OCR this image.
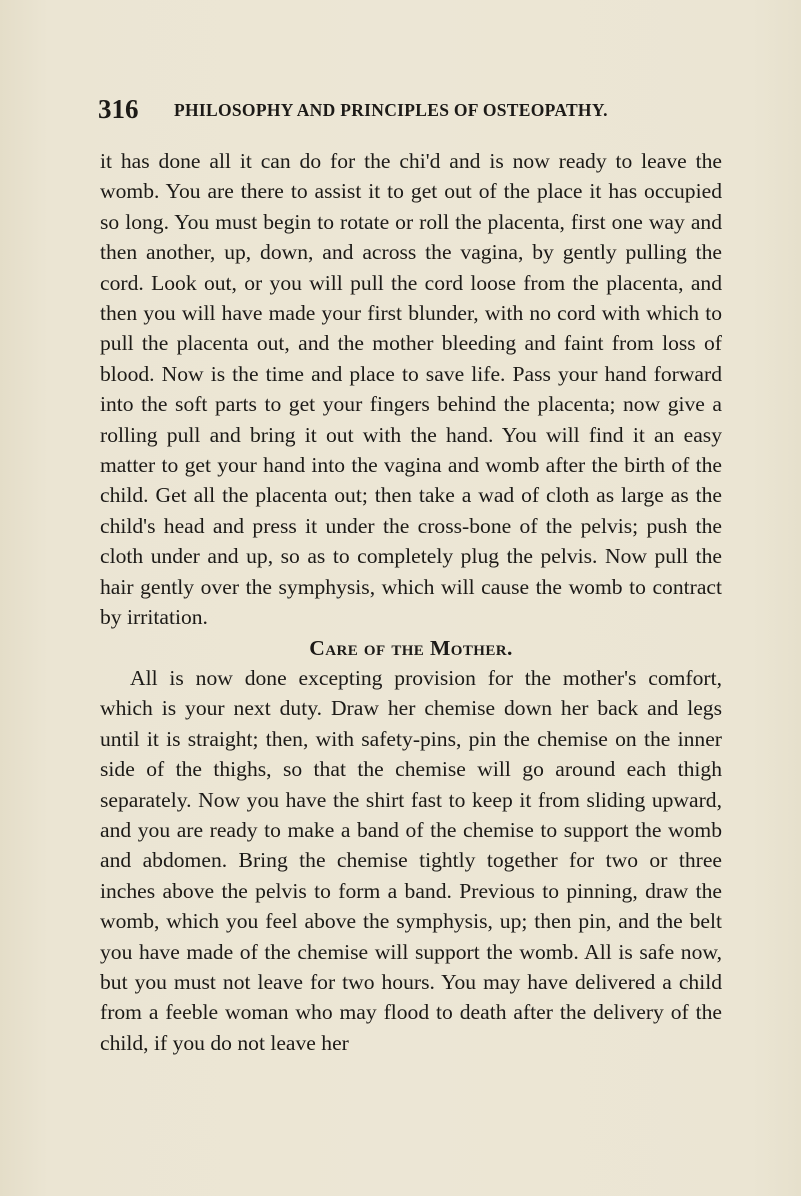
316 PHILOSOPHY AND PRINCIPLES OF OSTEOPATHY.

it has done all it can do for the chi'd and is now ready to leave the womb. You are there to assist it to get out of the place it has occupied so long. You must begin to rotate or roll the placenta, first one way and then another, up, down, and across the vagina, by gently pulling the cord. Look out, or you will pull the cord loose from the placenta, and then you will have made your first blunder, with no cord with which to pull the placenta out, and the mother bleeding and faint from loss of blood. Now is the time and place to save life. Pass your hand forward into the soft parts to get your fingers behind the placenta; now give a rolling pull and bring it out with the hand. You will find it an easy matter to get your hand into the vagina and womb after the birth of the child. Get all the placenta out; then take a wad of cloth as large as the child's head and press it under the cross-bone of the pelvis; push the cloth under and up, so as to completely plug the pelvis. Now pull the hair gently over the symphysis, which will cause the womb to contract by irritation.

Care of the Mother.

All is now done excepting provision for the mother's comfort, which is your next duty. Draw her chemise down her back and legs until it is straight; then, with safety-pins, pin the chemise on the inner side of the thighs, so that the chemise will go around each thigh separately. Now you have the shirt fast to keep it from sliding upward, and you are ready to make a band of the chemise to support the womb and abdomen. Bring the chemise tightly together for two or three inches above the pelvis to form a band. Previous to pinning, draw the womb, which you feel above the symphysis, up; then pin, and the belt you have made of the chemise will support the womb. All is safe now, but you must not leave for two hours. You may have delivered a child from a feeble woman who may flood to death after the delivery of the child, if you do not leave her
